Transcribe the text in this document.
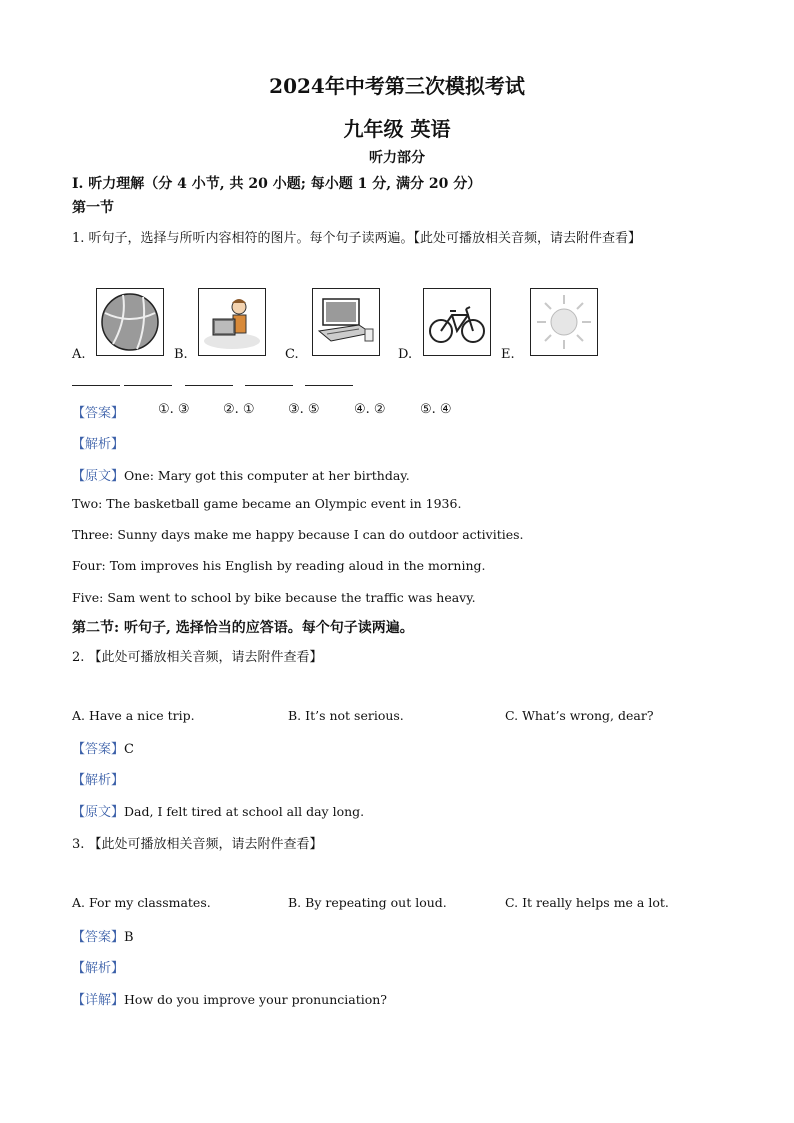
2024年中考第三次模拟考试
九年级 英语
听力部分
I. 听力理解（分 4 小节, 共 20 小题; 每小题 1 分, 满分 20 分）
第一节
1. 听句子，选择与所听内容相符的图片。每个句子读两遍。【此处可播放相关音频，请去附件查看】
A.	B.	C.	D.	E.
【答案】	①. ③	②. ①	③. ⑤	④. ②	⑤. ④
【解析】
【原文】One: Mary got this computer at her birthday.
Two: The basketball game became an Olympic event in 1936.
Three: Sunny days make me happy because I can do outdoor activities.
Four: Tom improves his English by reading aloud in the morning.
Five: Sam went to school by bike because the traffic was heavy.
第二节: 听句子, 选择恰当的应答语。每个句子读两遍。
2. 【此处可播放相关音频，请去附件查看】
A. Have a nice trip.	B. It’s not serious.	C. What’s wrong, dear?
【答案】C
【解析】
【原文】Dad, I felt tired at school all day long.
3. 【此处可播放相关音频，请去附件查看】
A. For my classmates.	B. By repeating out loud.	C. It really helps me a lot.
【答案】B
【解析】
【详解】How do you improve your pronunciation?
